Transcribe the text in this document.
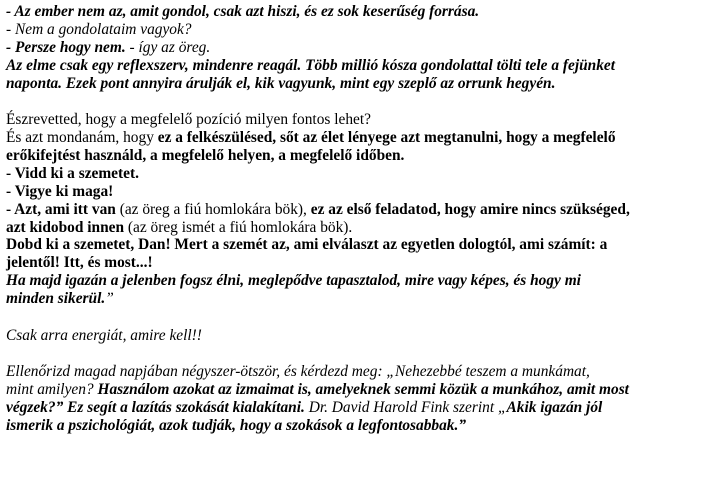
- Az ember nem az, amit gondol, csak azt hiszi, és ez sok keserűség forrása.
- Nem a gondolataim vagyok?
- Persze hogy nem. - így az öreg.
Az elme csak egy reflexszerv, mindenre reagál. Több millió kósza gondolattal tölti tele a fejünket
naponta. Ezek pont annyira árulják el, kik vagyunk, mint egy szeplő az orrunk hegyén.
Észrevetted, hogy a megfelelő pozíció milyen fontos lehet?
És azt mondanám, hogy ez a felkészülésed, sőt az élet lényege azt megtanulni, hogy a megfelelő
erőkifejtést használd, a megfelelő helyen, a megfelelő időben.
- Vidd ki a szemetet.
- Vigye ki maga!
- Azt, ami itt van (az öreg a fiú homlokára bök), ez az első feladatod, hogy amire nincs szükséged,
azt kidobod innen (az öreg ismét a fiú homlokára bök).
Dobd ki a szemetet, Dan! Mert a szemét az, ami elválaszt az egyetlen dologtól, ami számít: a
jelentől! Itt, és most...!
Ha majd igazán a jelenben fogsz élni, meglepődve tapasztalod, mire vagy képes, és hogy mi
minden sikerül.”
Csak arra energiát, amire kell!!
Ellenőrizd magad napjában négyszer-ötször, és kérdezd meg: „Nehezebbé teszem a munkámat,
mint amilyen? Használom azokat az izmaimat is, amelyeknek semmi közük a munkához, amit most
végzek?” Ez segít a lazítás szokását kialakítani. Dr. David Harold Fink szerint „Akik igazán jól
ismerik a pszichológiát, azok tudják, hogy a szokások a legfontosabbak.”
